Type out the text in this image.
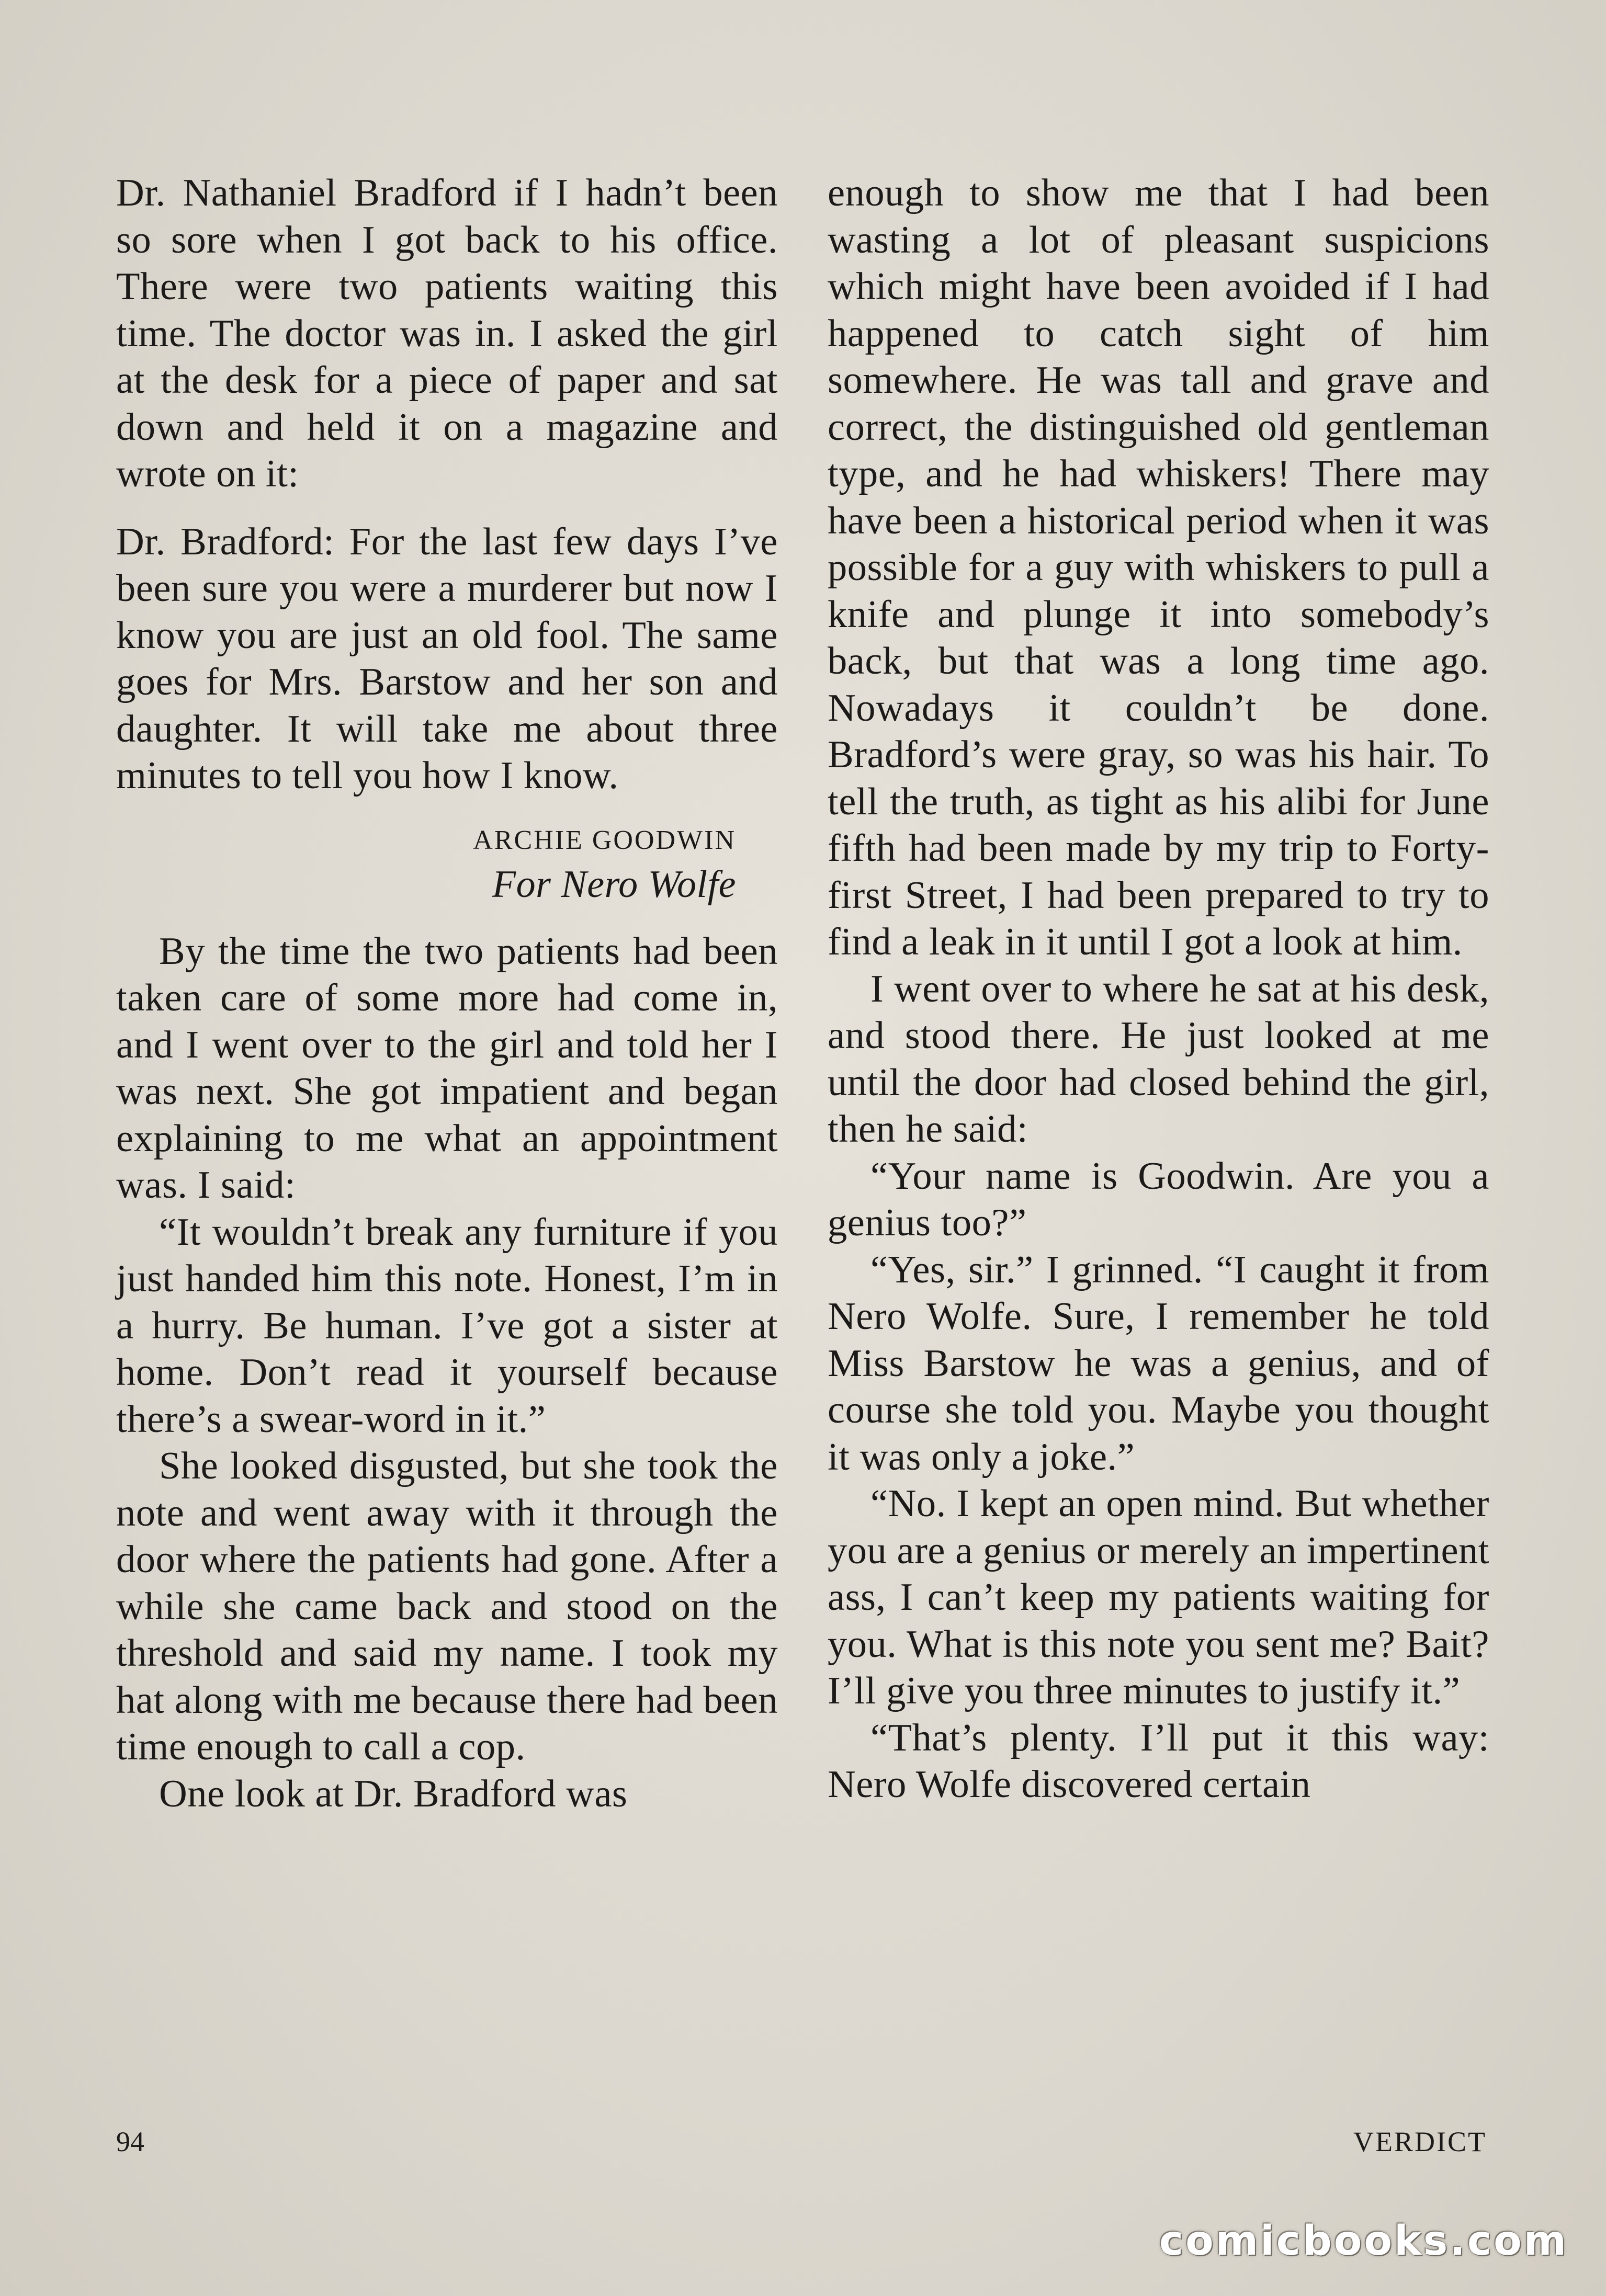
Dr. Nathaniel Bradford if I hadn’t been so sore when I got back to his office. There were two patients waiting this time. The doctor was in. I asked the girl at the desk for a piece of paper and sat down and held it on a magazine and wrote on it:

Dr. Bradford: For the last few days I’ve been sure you were a murderer but now I know you are just an old fool. The same goes for Mrs. Barstow and her son and daughter. It will take me about three minutes to tell you how I know.

ARCHIE GOODWIN
For Nero Wolfe

By the time the two patients had been taken care of some more had come in, and I went over to the girl and told her I was next. She got impatient and began explaining to me what an appointment was. I said:

“It wouldn’t break any furniture if you just handed him this note. Honest, I’m in a hurry. Be human. I’ve got a sister at home. Don’t read it yourself because there’s a swear-word in it.”

She looked disgusted, but she took the note and went away with it through the door where the patients had gone. After a while she came back and stood on the threshold and said my name. I took my hat along with me because there had been time enough to call a cop.

One look at Dr. Bradford was

enough to show me that I had been wasting a lot of pleasant suspicions which might have been avoided if I had happened to catch sight of him somewhere. He was tall and grave and correct, the distinguished old gentleman type, and he had whiskers! There may have been a historical period when it was possible for a guy with whiskers to pull a knife and plunge it into somebody’s back, but that was a long time ago. Nowadays it couldn’t be done. Bradford’s were gray, so was his hair. To tell the truth, as tight as his alibi for June fifth had been made by my trip to Forty-first Street, I had been prepared to try to find a leak in it until I got a look at him.

I went over to where he sat at his desk, and stood there. He just looked at me until the door had closed behind the girl, then he said:

“Your name is Goodwin. Are you a genius too?”

“Yes, sir.” I grinned. “I caught it from Nero Wolfe. Sure, I remember he told Miss Barstow he was a genius, and of course she told you. Maybe you thought it was only a joke.”

“No. I kept an open mind. But whether you are a genius or merely an impertinent ass, I can’t keep my patients waiting for you. What is this note you sent me? Bait? I’ll give you three minutes to justify it.”

“That’s plenty. I’ll put it this way: Nero Wolfe discovered certain

94	VERDICT
comicbooks.com
